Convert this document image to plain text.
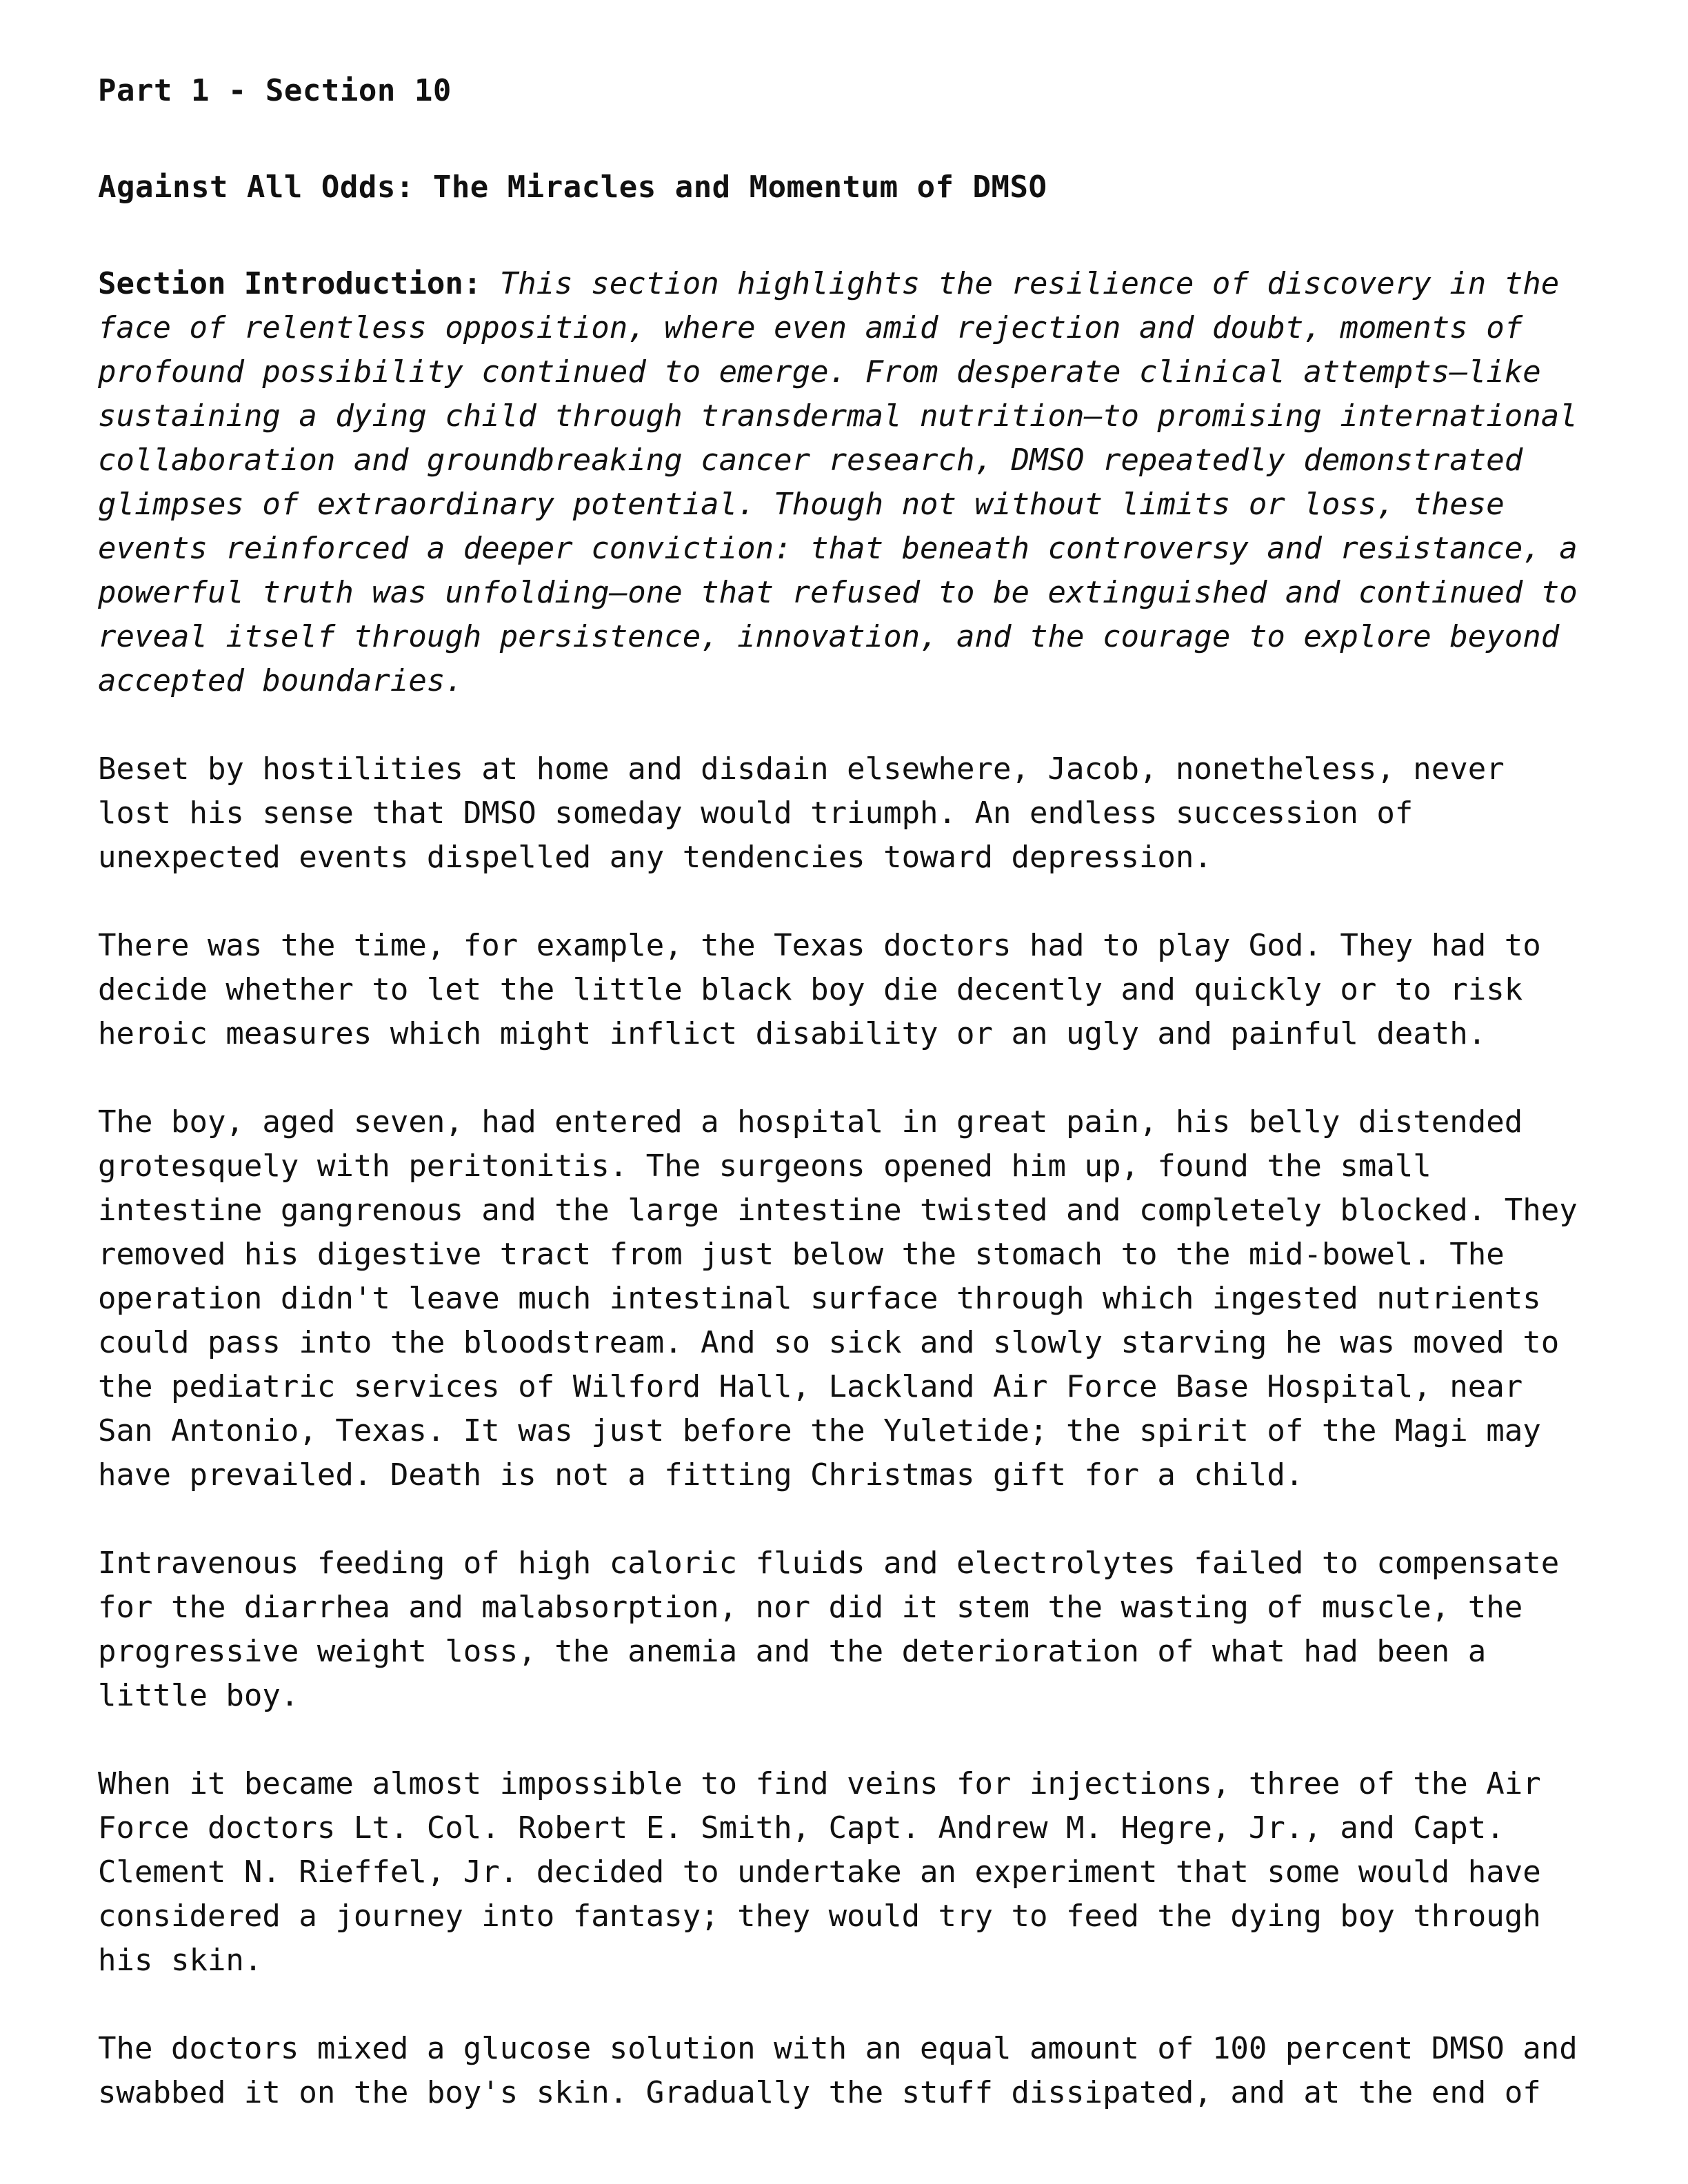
Part 1 - Section 10
Against All Odds: The Miracles and Momentum of DMSO
Section Introduction: This section highlights the resilience of discovery in the
face of relentless opposition, where even amid rejection and doubt, moments of
profound possibility continued to emerge. From desperate clinical attempts—like
sustaining a dying child through transdermal nutrition—to promising international
collaboration and groundbreaking cancer research, DMSO repeatedly demonstrated
glimpses of extraordinary potential. Though not without limits or loss, these
events reinforced a deeper conviction: that beneath controversy and resistance, a
powerful truth was unfolding—one that refused to be extinguished and continued to
reveal itself through persistence, innovation, and the courage to explore beyond
accepted boundaries.
Beset by hostilities at home and disdain elsewhere, Jacob, nonetheless, never
lost his sense that DMSO someday would triumph. An endless succession of
unexpected events dispelled any tendencies toward depression.
There was the time, for example, the Texas doctors had to play God. They had to
decide whether to let the little black boy die decently and quickly or to risk
heroic measures which might inflict disability or an ugly and painful death.
The boy, aged seven, had entered a hospital in great pain, his belly distended
grotesquely with peritonitis. The surgeons opened him up, found the small
intestine gangrenous and the large intestine twisted and completely blocked. They
removed his digestive tract from just below the stomach to the mid-bowel. The
operation didn't leave much intestinal surface through which ingested nutrients
could pass into the bloodstream. And so sick and slowly starving he was moved to
the pediatric services of Wilford Hall, Lackland Air Force Base Hospital, near
San Antonio, Texas. It was just before the Yuletide; the spirit of the Magi may
have prevailed. Death is not a fitting Christmas gift for a child.
Intravenous feeding of high caloric fluids and electrolytes failed to compensate
for the diarrhea and malabsorption, nor did it stem the wasting of muscle, the
progressive weight loss, the anemia and the deterioration of what had been a
little boy.
When it became almost impossible to find veins for injections, three of the Air
Force doctors Lt. Col. Robert E. Smith, Capt. Andrew M. Hegre, Jr., and Capt.
Clement N. Rieffel, Jr. decided to undertake an experiment that some would have
considered a journey into fantasy; they would try to feed the dying boy through
his skin.
The doctors mixed a glucose solution with an equal amount of 100 percent DMSO and
swabbed it on the boy's skin. Gradually the stuff dissipated, and at the end of
